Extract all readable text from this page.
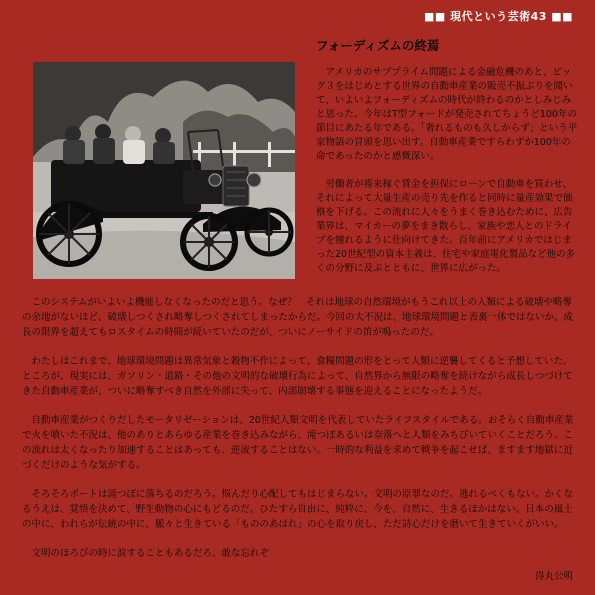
■■ 現代という芸術43 ■■
フォーディズムの終焉

アメリカのサブプライム問題による金融危機のあと、ビッグ３をはじめとする世界の自動車産業の販売不振ぶりを聞いて、いよいよフォーディズムの時代が終わるのかとしみじみと思った。今年はT型フォードが発売されてちょうど100年の節目にあたる年である。「奢れるものも久しからず」という平家物語の冒頭を思い出す。自動車産業ですらわずか100年の命であったのかと感慨深い。

労働者が将来稼ぐ賃金を担保にローンで自動車を買わせ、それによって大量生産の売り先を作ると同時に量産効果で価格を下げる。この流れに人々をうまく巻き込むために、広告業界は、マイカーの夢をまき散らし、家族や恋人とのドライブを憧れるように仕向けてきた。百年前にアメリカではじまった20世紀型の資本主義は、住宅や家庭電化製品など他の多くの分野に及ぶとともに、世界に広がった。

このシステムがいよいよ機能しなくなったのだと思う。なぜ？　それは地球の自然環境がもうこれ以上の人類による破壊や略奪の余地がないほど、破壊しつくされ略奪しつくされてしまったからだ。今回の大不況は、地球環境問題と表裏一体ではないか。成長の限界を超えてもロスタイムの時間が続いていたのだが、ついにノーサイドの笛が鳴ったのだ。

わたしはこれまで、地球環境問題は異常気象と穀物不作によって、食糧問題の形をとって人類に逆襲してくると予想していた。ところが、現実には、ガソリン・道路・その他の文明的な破壊行為によって、自然界から無限の略奪を続けながら成長しつづけてきた自動車産業が、ついに略奪すべき自然を外部に失って、内部崩壊する事態を迎えることになったようだ。

自動車産業がつくりだしたモータリゼーションは、20世紀人類文明を代表していたライフスタイルである。おそらく自動車産業で火を噴いた不況は、他のありとあらゆる産業を巻き込みながら、滝つぼあるいは奈落へと人類をみちびいていくことだろう。この流れは太くなったり加速することはあっても、逆流することはない。一時的な利益を求めて戦争を起こせば、ますます地獄に近づくだけのような気がする。

そろそろボートは滝つぼに落ちるのだろう。悩んだり心配してもはじまらない。文明の原罪なのだ。逃れるべくもない。かくなるうえは、覚悟を決めて、野生動物の心にもどるのだ。ひたすら自由に、純粋に、今を、自然に、生きるほかはない。日本の風土の中に、われらが伝統の中に、脈々と生きている「もののあはれ」の心を取り戻し、ただ詩心だけを磨いて生きていくがいい。

文明のほろびの時に涙することもあるだろ、敢な忘れぞ

得丸公明
